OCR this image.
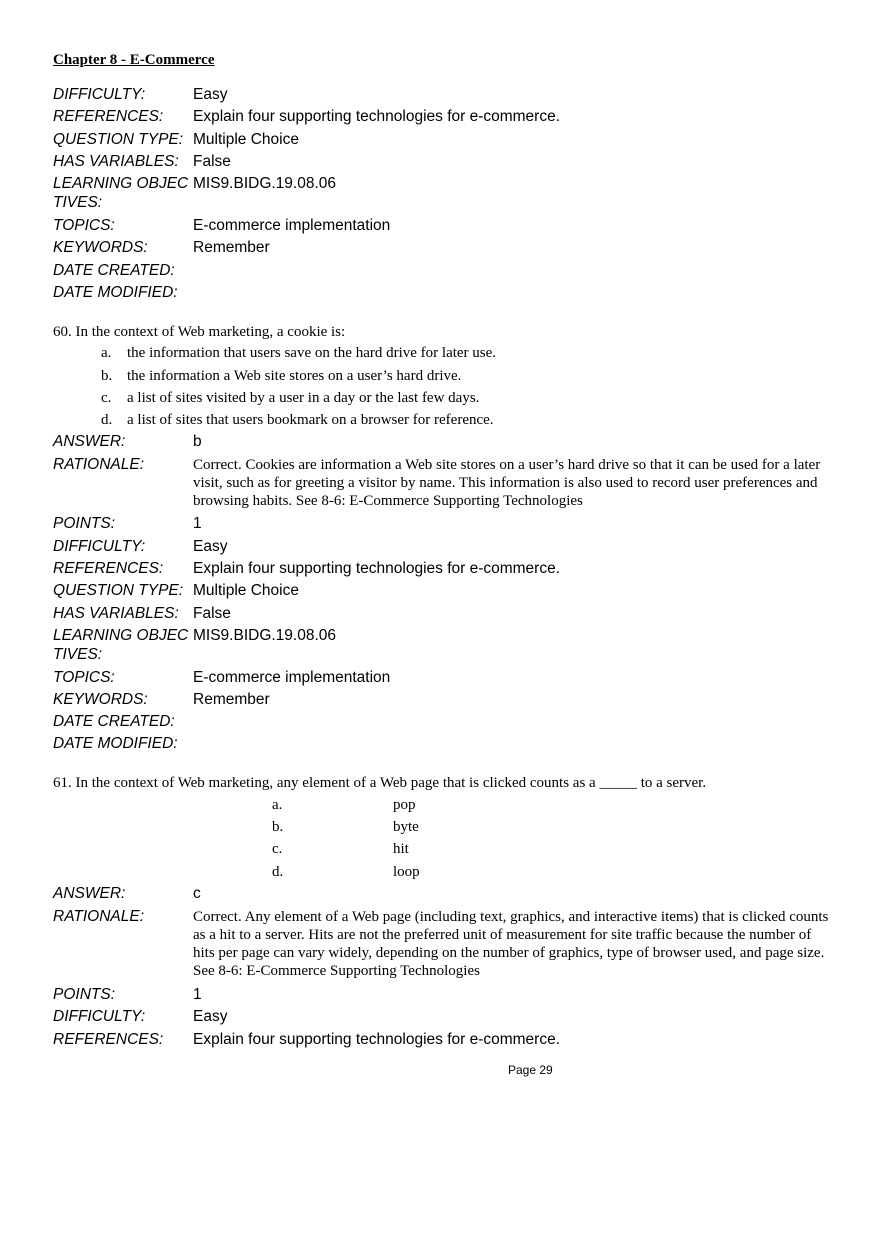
Chapter 8 - E-Commerce
DIFFICULTY:	Easy
REFERENCES: Explain four supporting technologies for e-commerce.
QUESTION TYPE: Multiple Choice
HAS VARIABLES: False
LEARNING OBJEC
TIVES:
MIS9.BIDG.19.08.06
TOPICS:	E-commerce implementation
KEYWORDS:	Remember
DATE CREATED:
DATE MODIFIED:
60. In the context of Web marketing, a cookie is:
a. the information that users save on the hard drive for later use.
b. the information a Web site stores on a user’s hard drive.
c. a list of sites visited by a user in a day or the last few days.
d. a list of sites that users bookmark on a browser for reference.
ANSWER:	b
RATIONALE:	Correct. Cookies are information a Web site stores on a user’s hard drive so that it can be used for a later visit, such as for greeting a visitor by name. This information is also used to record user preferences and browsing habits. See 8-6: E-Commerce Supporting Technologies
POINTS:	1
DIFFICULTY:	Easy
REFERENCES: Explain four supporting technologies for e-commerce.
QUESTION TYPE: Multiple Choice
HAS VARIABLES: False
LEARNING OBJEC
TIVES:
MIS9.BIDG.19.08.06
TOPICS:	E-commerce implementation
KEYWORDS:	Remember
DATE CREATED:
DATE MODIFIED:
61. In the context of Web marketing, any element of a Web page that is clicked counts as a _____ to a server.
a.	pop
b.	byte
c.	hit
d.	loop
ANSWER:	c
RATIONALE:	Correct. Any element of a Web page (including text, graphics, and interactive items) that is clicked counts as a hit to a server. Hits are not the preferred unit of measurement for site traffic because the number of hits per page can vary widely, depending on the number of graphics, type of browser used, and page size. See 8-6: E-Commerce Supporting Technologies
POINTS:	1
DIFFICULTY:	Easy
REFERENCES: Explain four supporting technologies for e-commerce.
Page 29
